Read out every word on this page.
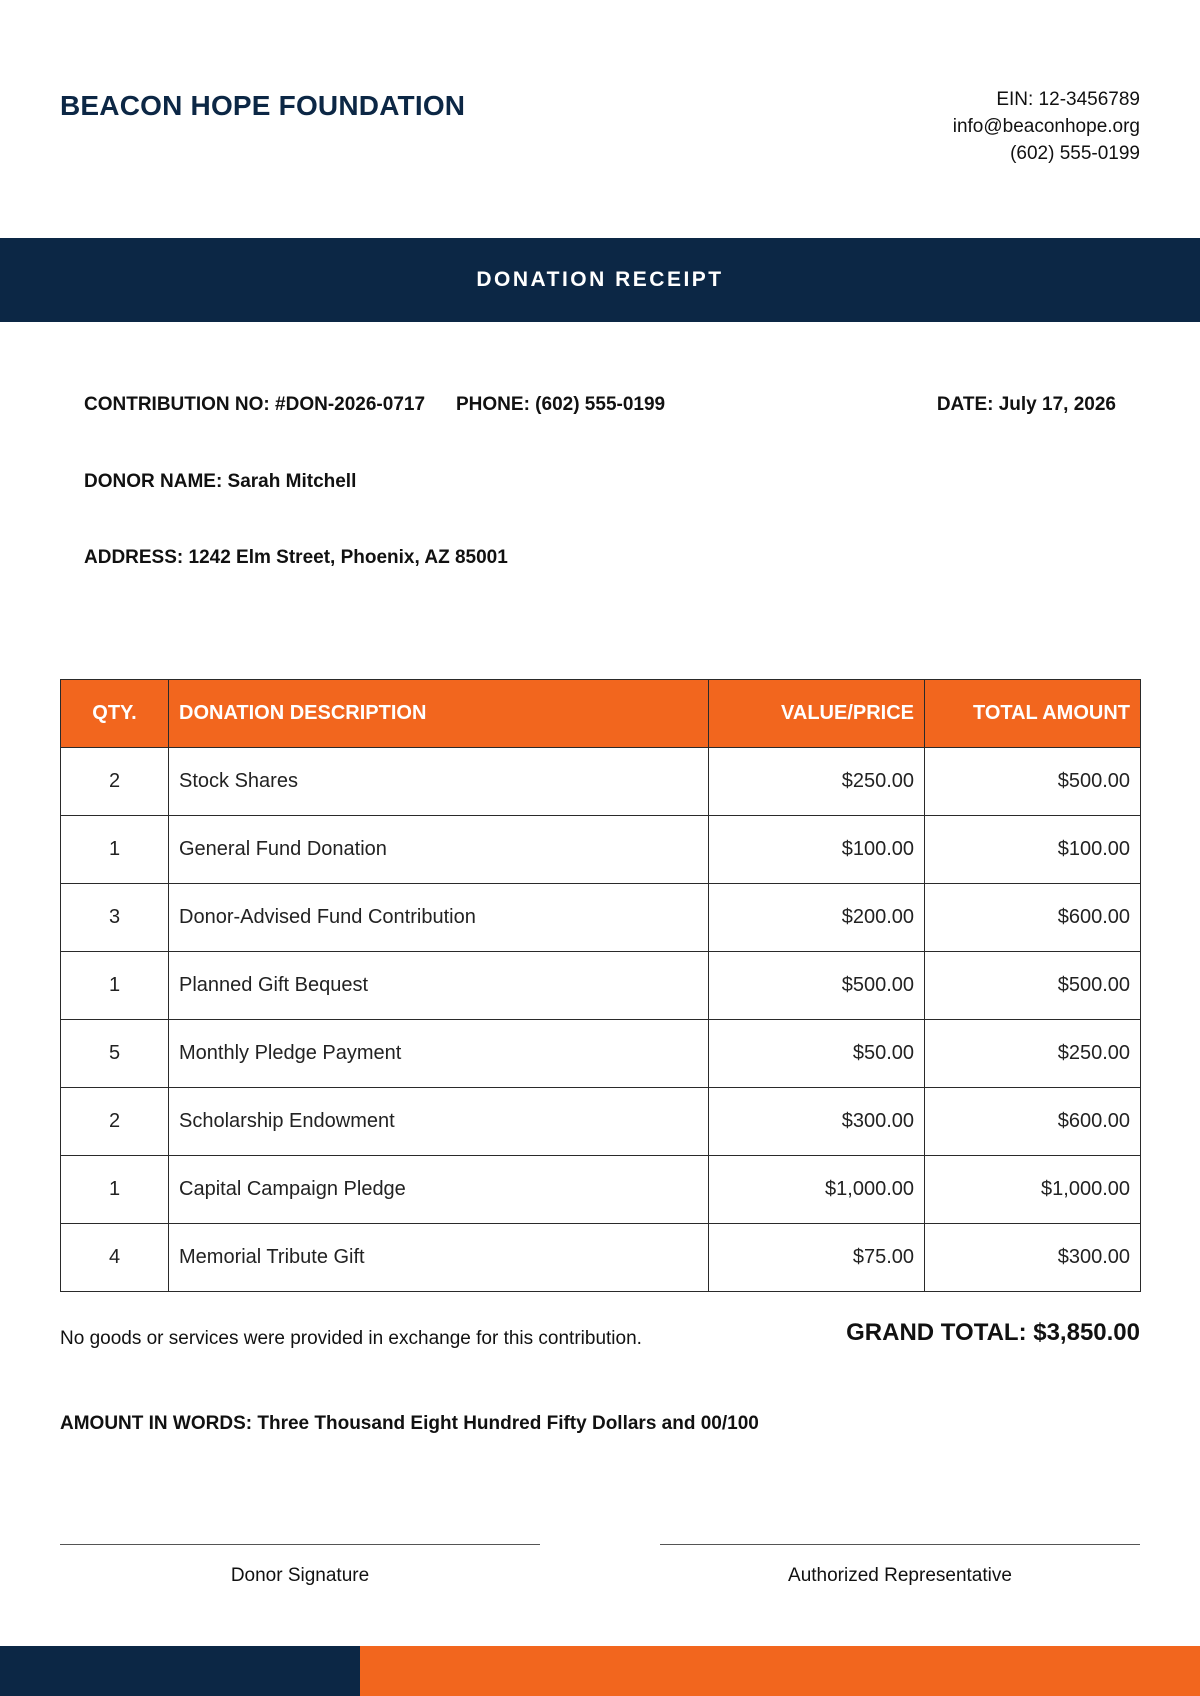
BEACON HOPE FOUNDATION	EIN: 12-3456789
info@beaconhope.org
(602) 555-0199
DONATION RECEIPT
CONTRIBUTION NO: #DON-2026-0717 PHONE: (602) 555-0199	DATE: July 17, 2026
DONOR NAME: Sarah Mitchell
ADDRESS: 1242 Elm Street, Phoenix, AZ 85001
QTY.	DONATION DESCRIPTION	VALUE/PRICE	TOTAL AMOUNT
2	Stock Shares	$250.00	$500.00
1	General Fund Donation	$100.00	$100.00
3	Donor-Advised Fund Contribution	$200.00	$600.00
1	Planned Gift Bequest	$500.00	$500.00
5	Monthly Pledge Payment	$50.00	$250.00
2	Scholarship Endowment	$300.00	$600.00
1	Capital Campaign Pledge	$1,000.00	$1,000.00
4	Memorial Tribute Gift	$75.00	$300.00
No goods or services were provided in exchange for this contribution.	GRAND TOTAL: $3,850.00
AMOUNT IN WORDS: Three Thousand Eight Hundred Fifty Dollars and 00/100
Donor Signature	Authorized Representative
